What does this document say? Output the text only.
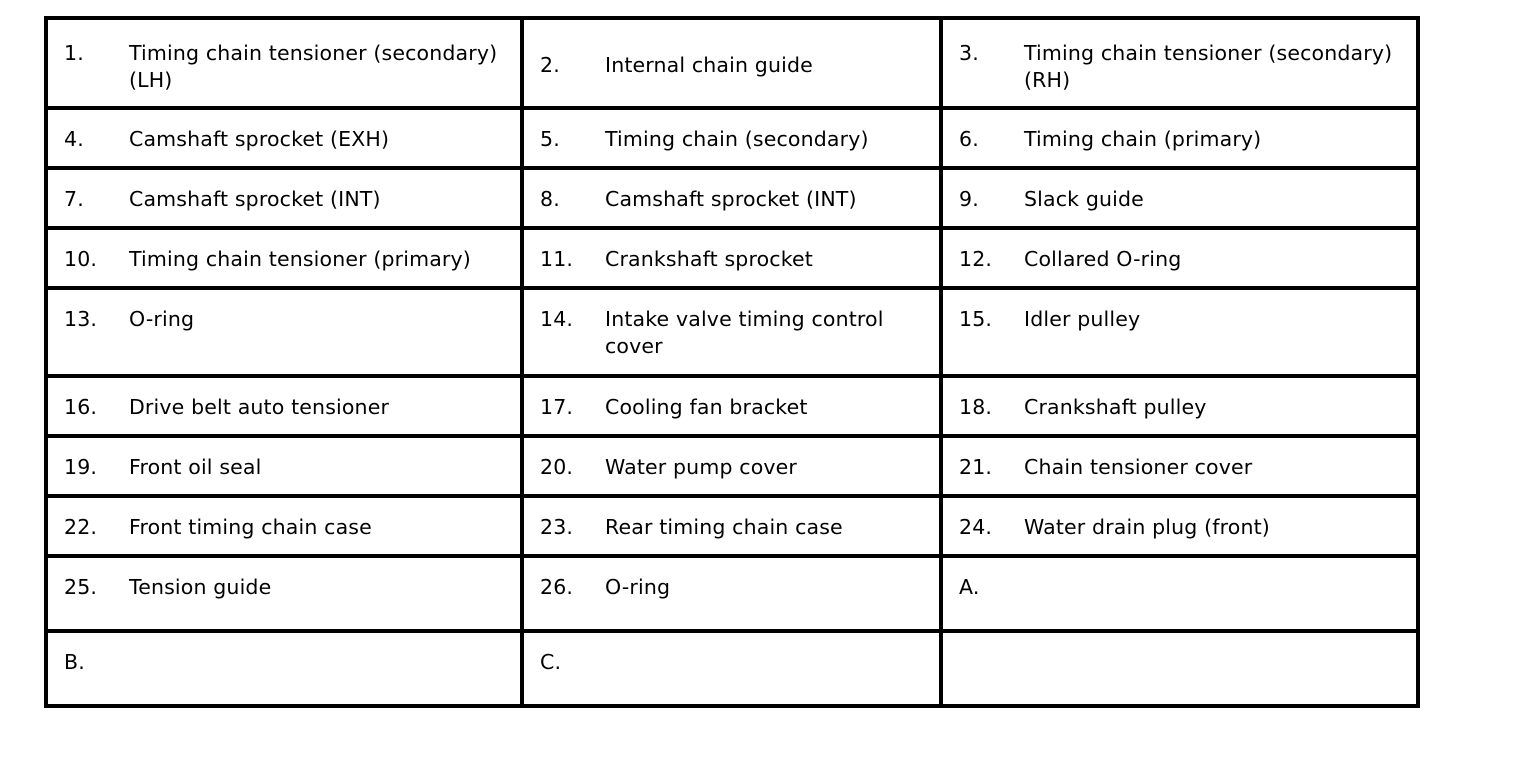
1. Timing chain tensioner (secondary) (LH)	2. Internal chain guide	3. Timing chain tensioner (secondary) (RH)

4. Camshaft sprocket (EXH)	5. Timing chain (secondary)	6. Timing chain (primary)

7. Camshaft sprocket (INT)	8. Camshaft sprocket (INT)	9. Slack guide

10. Timing chain tensioner (primary)	11. Crankshaft sprocket	12. Collared O-ring

13. O-ring	14. Intake valve timing control cover	15. Idler pulley

16. Drive belt auto tensioner	17. Cooling fan bracket	18. Crankshaft pulley

19. Front oil seal	20. Water pump cover	21. Chain tensioner cover

22. Front timing chain case	23. Rear timing chain case	24. Water drain plug (front)

25. Tension guide	26. O-ring	A.

B.	C.	
